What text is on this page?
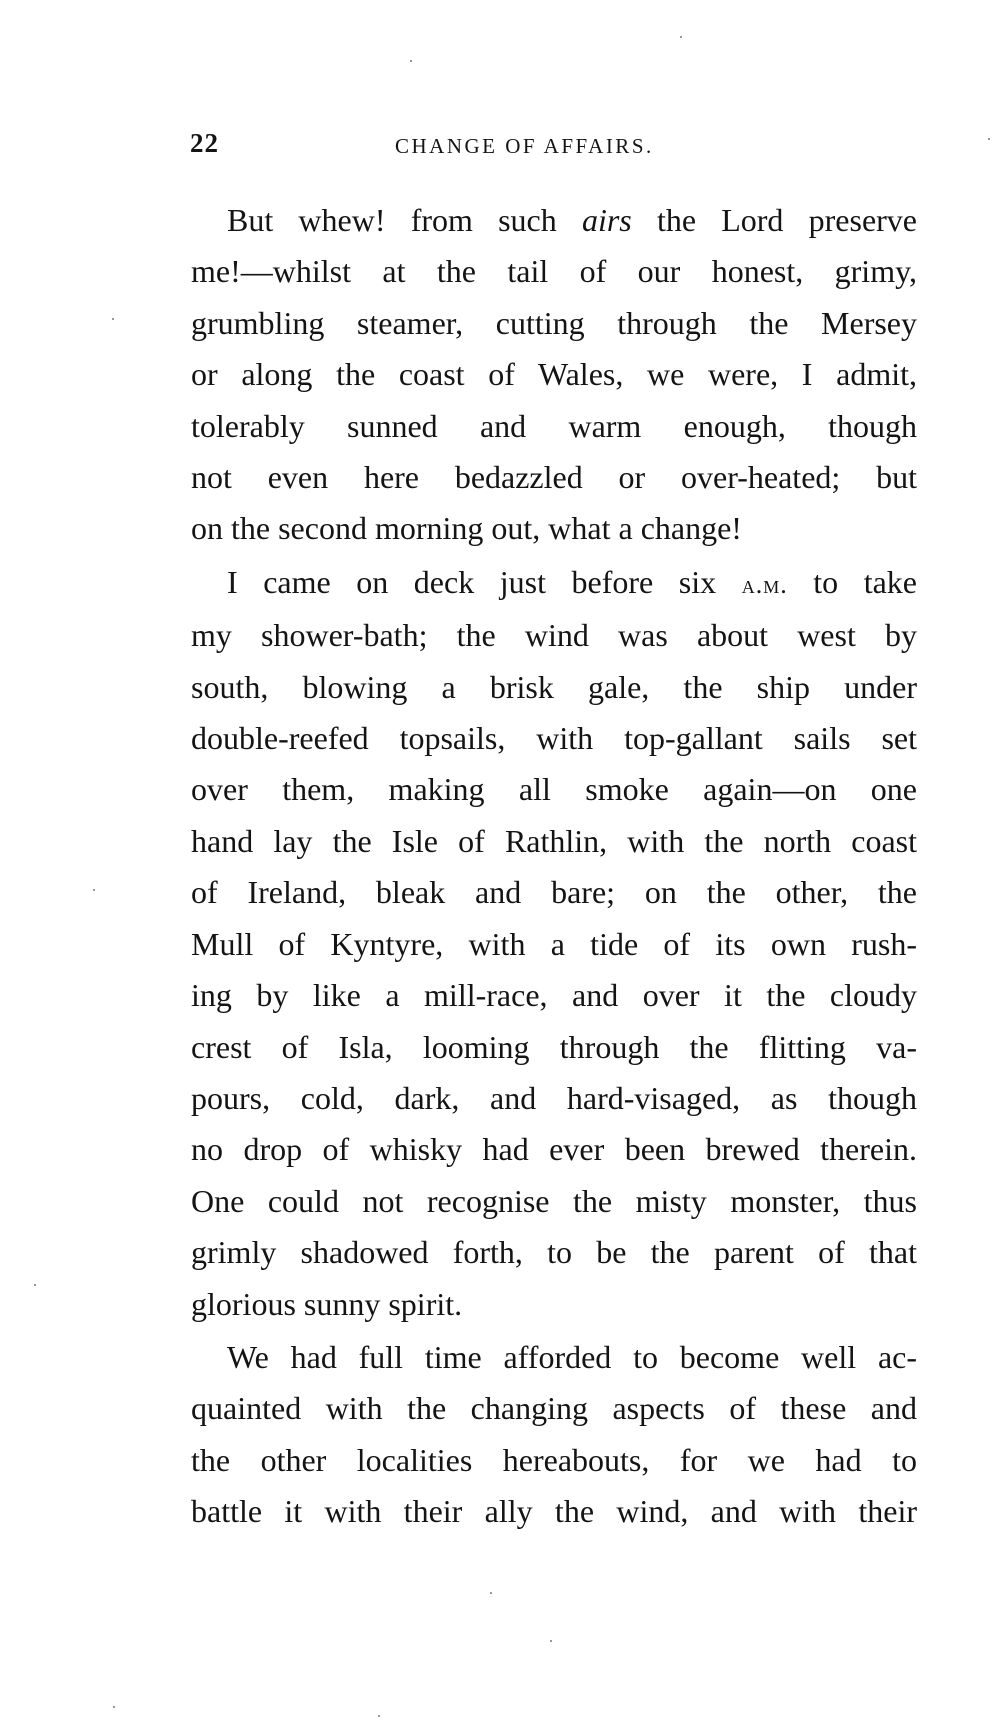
22	CHANGE OF AFFAIRS.
But whew! from such airs the Lord preserve
me!—whilst at the tail of our honest, grimy,
grumbling steamer, cutting through the Mersey
or along the coast of Wales, we were, I admit,
tolerably sunned and warm enough, though
not even here bedazzled or over-heated; but
on the second morning out, what a change!
I came on deck just before six a.m. to take
my shower-bath; the wind was about west by
south, blowing a brisk gale, the ship under
double-reefed topsails, with top-gallant sails set
over them, making all smoke again—on one
hand lay the Isle of Rathlin, with the north coast
of Ireland, bleak and bare; on the other, the
Mull of Kyntyre, with a tide of its own rush-
ing by like a mill-race, and over it the cloudy
crest of Isla, looming through the flitting va-
pours, cold, dark, and hard-visaged, as though
no drop of whisky had ever been brewed therein.
One could not recognise the misty monster, thus
grimly shadowed forth, to be the parent of that
glorious sunny spirit.
We had full time afforded to become well ac-
quainted with the changing aspects of these and
the other localities hereabouts, for we had to
battle it with their ally the wind, and with their
